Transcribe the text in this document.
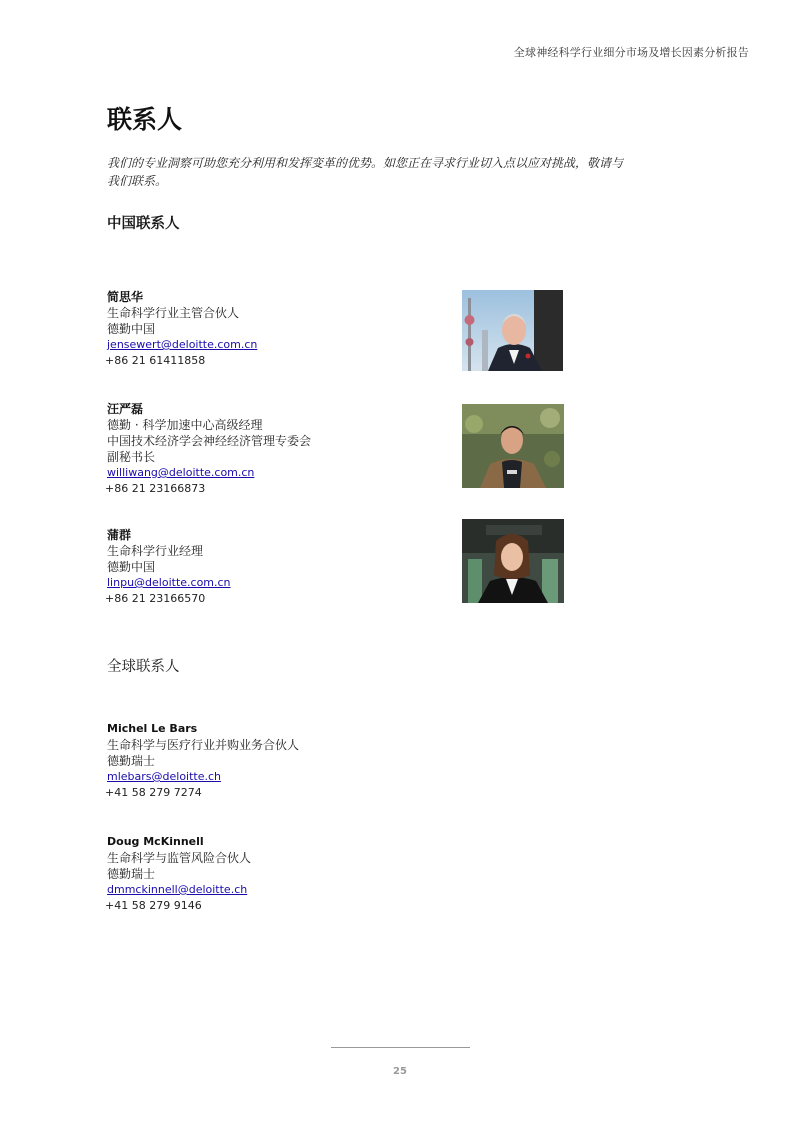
全球神经科学行业细分市场及增长因素分析报告
联系人
我们的专业洞察可助您充分利用和发挥变革的优势。如您正在寻求行业切入点以应对挑战，敬请与
我们联系。
中国联系人
简思华
生命科学行业主管合伙人
德勤中国
jensewert@deloitte.com.cn
+86 21 61411858
汪严磊
德勤 · 科学加速中心高级经理
中国技术经济学会神经经济管理专委会
副秘书长
williwang@deloitte.com.cn
+86 21 23166873
蒲群
生命科学行业经理
德勤中国
linpu@deloitte.com.cn
+86 21 23166570
全球联系人
Michel Le Bars
生命科学与医疗行业并购业务合伙人
德勤瑞士
mlebars@deloitte.ch
+41 58 279 7274
Doug McKinnell
生命科学与监管风险合伙人
德勤瑞士
dmmckinnell@deloitte.ch
+41 58 279 9146
25
